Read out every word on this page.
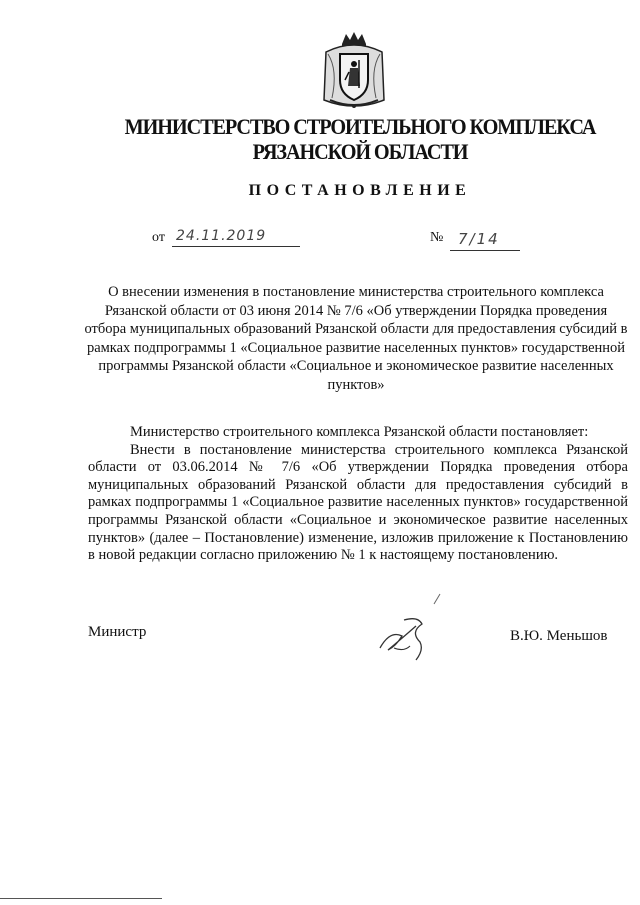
МИНИСТЕРСТВО СТРОИТЕЛЬНОГО КОМПЛЕКСА
РЯЗАНСКОЙ ОБЛАСТИ
ПОСТАНОВЛЕНИЕ
от 24.11.2019	№ 7/14
О внесении изменения в постановление министерства строительного комплекса Рязанской области от 03 июня 2014 № 7/6 «Об утверждении Порядка проведения отбора муниципальных образований Рязанской области для предоставления субсидий в рамках подпрограммы 1 «Социальное развитие населенных пунктов» государственной программы Рязанской области «Социальное и экономическое развитие населенных пунктов»

Министерство строительного комплекса Рязанской области постановляет:

Внести в постановление министерства строительного комплекса Рязанской области от 03.06.2014 № 7/6 «Об утверждении Порядка проведения отбора муниципальных образований Рязанской области для предоставления субсидий в рамках подпрограммы 1 «Социальное развитие населенных пунктов» государственной программы Рязанской области «Социальное и экономическое развитие населенных пунктов» (далее – Постановление) изменение, изложив приложение к Постановлению в новой редакции согласно приложению № 1 к настоящему постановлению.

Министр	В.Ю. Меньшов
